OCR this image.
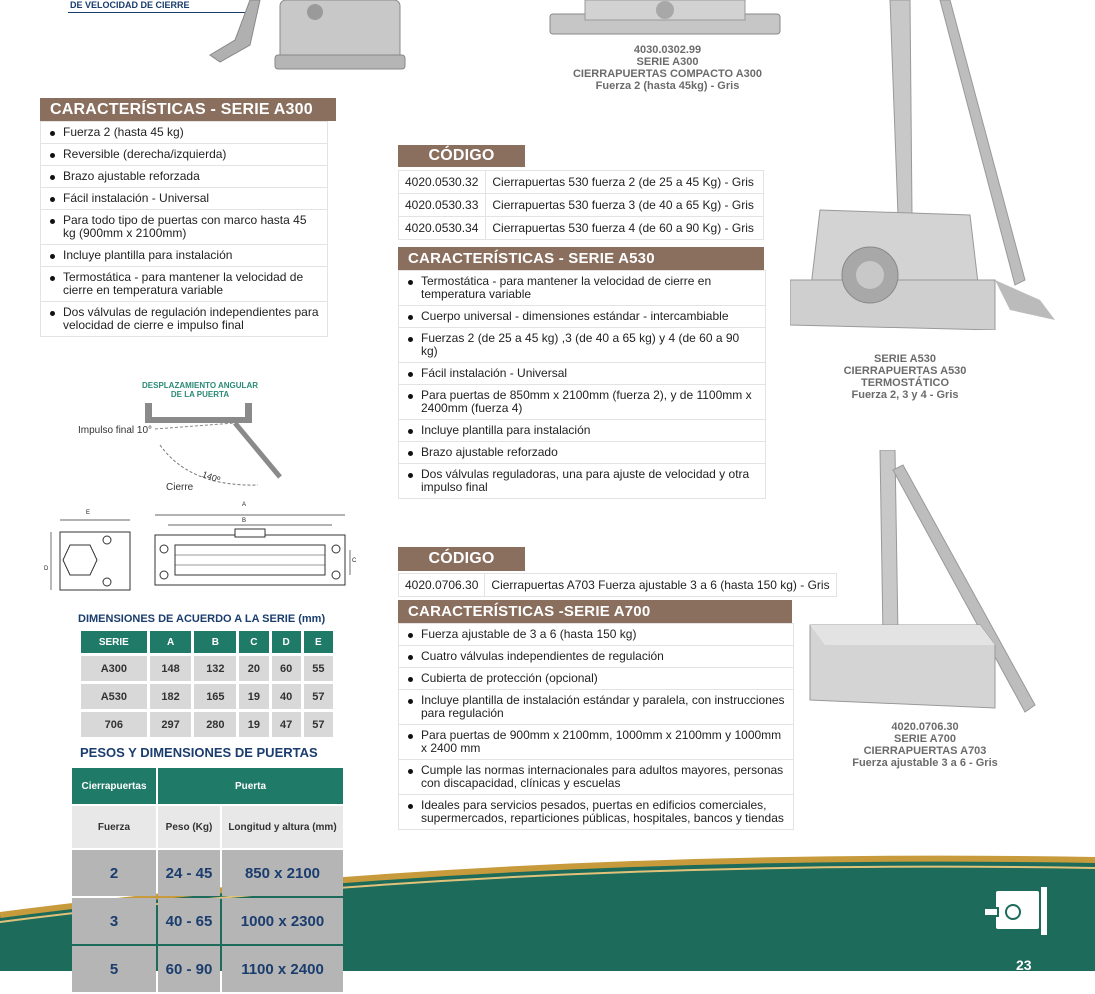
DE VELOCIDAD DE CIERRE
4030.0302.99
SERIE A300
CIERRAPUERTAS COMPACTO A300
Fuerza 2 (hasta 45kg) - Gris
CARACTERÍSTICAS - SERIE A300
Fuerza 2 (hasta 45 kg)
Reversible (derecha/izquierda)
Brazo ajustable reforzada
Fácil instalación - Universal
Para todo tipo de puertas con marco hasta 45 kg (900mm x 2100mm)
Incluye plantilla para instalación
Termostática - para mantener la velocidad de cierre en temperatura variable
Dos válvulas de regulación independientes para velocidad de cierre e impulso final
DESPLAZAMIENTO ANGULAR
DE LA PUERTA
Impulso final 10°
Cierre
140º
E
D
A
B
C
DIMENSIONES DE ACUERDO A LA SERIE (mm)
SERIE	A	B	C	D	E
A300	148	132	20	60	55
A530	182	165	19	40	57
706	297	280	19	47	57
PESOS Y DIMENSIONES DE PUERTAS
Cierrapuertas	Puerta	
Fuerza	Peso (Kg)	Longitud y altura (mm)
2	24 - 45	850 x 2100
3	40 - 65	1000 x 2300
5	60 - 90	1100 x 2400
CÓDIGO
4020.0530.32	Cierrapuertas 530 fuerza 2 (de 25 a 45 Kg) - Gris
4020.0530.33	Cierrapuertas 530 fuerza 3 (de 40 a 65 Kg) - Gris
4020.0530.34	Cierrapuertas 530 fuerza 4 (de 60 a 90 Kg) - Gris
CARACTERÍSTICAS - SERIE A530
Termostática - para mantener la velocidad de cierre en temperatura variable
Cuerpo universal - dimensiones estándar - intercambiable
Fuerzas 2 (de 25 a 45 kg) ,3 (de 40 a 65 kg) y 4 (de 60 a 90 kg)
Fácil instalación - Universal
Para puertas de 850mm x 2100mm (fuerza 2), y de 1100mm x 2400mm (fuerza 4)
Incluye plantilla para instalación
Brazo ajustable reforzado
Dos válvulas reguladoras, una para ajuste de velocidad y otra impulso final
SERIE A530
CIERRAPUERTAS A530
TERMOSTÁTICO
Fuerza 2, 3 y 4 - Gris
CÓDIGO
4020.0706.30	Cierrapuertas A703 Fuerza ajustable 3 a 6 (hasta 150 kg) - Gris
CARACTERÍSTICAS -SERIE A700
Fuerza ajustable de 3 a 6 (hasta 150 kg)
Cuatro válvulas independientes de regulación
Cubierta de protección (opcional)
Incluye plantilla de instalación estándar y paralela, con instrucciones para regulación
Para puertas de 900mm x 2100mm, 1000mm x 2100mm y 1000mm x 2400 mm
Cumple las normas internacionales para adultos mayores, personas con discapacidad, clínicas y escuelas
Ideales para servicios pesados, puertas en edificios comerciales, supermercados, reparticiones públicas, hospitales, bancos y tiendas
4020.0706.30
SERIE A700
CIERRAPUERTAS A703
Fuerza ajustable 3 a 6 - Gris
23
